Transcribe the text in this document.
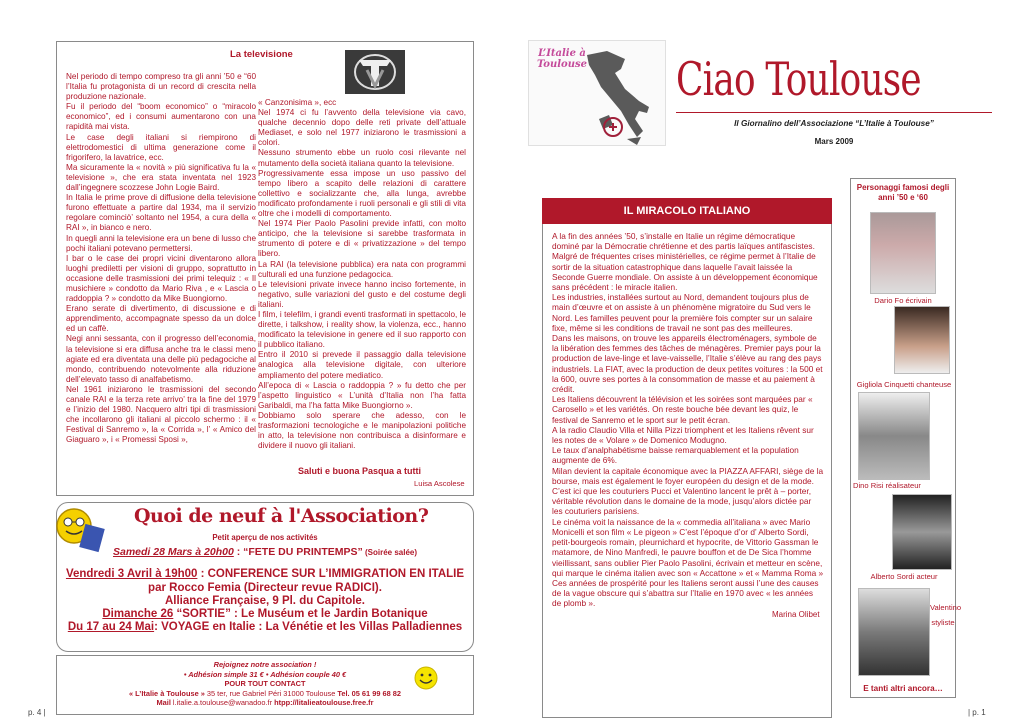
La televisione

Nel periodo di tempo compreso tra gli anni ’50 e “60 l’Italia fu protagonista di un record di crescita nella produzione nazionale.

Fu il periodo del “boom economico” o “miracolo economico”, ed i consumi aumentarono con una rapidità mai vista.

Le case degli italiani si riempirono di elettrodomestici di ultima generazione come il frigorifero, la lavatrice, ecc.

Ma sicuramente la « novità » più significativa fu la « televisione », che era stata inventata nel 1923 dall’ingegnere scozzese John Logie Baird.

In Italia le prime prove di diffusione della televisione furono effettuate a partire dal 1934, ma il servizio regolare cominciò’ soltanto nel 1954, a cura della « RAI », in bianco e nero.

In quegli anni la televisione era un bene di lusso che pochi italiani potevano permettersi.

I bar o le case dei propri vicini diventarono allora luoghi prediletti per visioni di gruppo, soprattutto in occasione delle trasmissioni dei primi telequiz : « Il musichiere » condotto da Mario Riva , e « Lascia o raddoppia ? » condotto da Mike Buongiorno.

Erano serate di divertimento, di discussione e di apprendimento, accompagnate spesso da un dolce ed un caffè.

Negi anni sessanta, con il progresso dell’economia, la televisione si era diffusa anche tra le classi meno agiate ed era diventata una delle più pedagociche al mondo, contribuendo notevolmente alla riduzione dell’elevato tasso di analfabetismo.

Nel 1961 iniziarono le trasmissioni del secondo canale RAI e la terza rete arrivo’ tra la fine del 1979 e l’inizio del 1980. Nacquero altri tipi di trasmissioni che incollarono gli italiani al piccolo schermo : il « Festival di Sanremo », la « Corrida », l’ « Amico del Giaguaro », i « Promessi Sposi »,

« Canzonisima », ecc

Nel 1974 ci fu l’avvento della televisione via cavo, qualche decennio dopo delle reti private dell’attuale Mediaset, e solo nel 1977 iniziarono le trasmissioni a colori.

Nessuno strumento ebbe un ruolo cosi rilevante nel mutamento della società italiana quanto la televisione.

Progressivamente essa impose un uso passivo del tempo libero a scapito delle relazioni di carattere collettivo e socializzante che, alla lunga, avrebbe modificato profondamente i ruoli personali e gli stili di vita oltre che i modelli di comportamento.

Nel 1974 Pier Paolo Pasolini previde infatti, con molto anticipo, che la televisione si sarebbe trasformata in strumento di potere e di « privatizzazione » del tempo libero.

La RAI (la televisione pubblica) era nata con programmi culturali ed una funzione pedagocica.

Le televisioni private invece hanno inciso fortemente, in negativo, sulle variazioni del gusto e del costume degli italiani.

I film, i telefilm, i grandi eventi trasformati in spettacolo, le dirette, i talkshow, i reality show, la violenza, ecc., hanno modificato la televisione in genere ed il suo rapporto con il pubblico italiano.

Entro il 2010 si prevede il passaggio dalla televisione analogica alla televisione digitale, con ulteriore ampliamento del potere mediatico.

All’epoca di « Lascia o raddoppia ? » fu detto che per l’aspetto linguistico « L’unità d’Italia non l’ha fatta Garibaldi, ma l’ha fatta Mike Buongiorno ».

Dobbiamo solo sperare che adesso, con le trasformazioni tecnologiche e le manipolazioni politiche in atto, la televisione non contribuisca a disinformare e dividere il nuovo gli italiani.

Saluti e buona Pasqua a tutti
Luisa Ascolese
Quoi de neuf à l'Association?
Petit aperçu de nos activités
Samedi 28 Mars à 20h00 : “FETE DU PRINTEMPS” (Soirée salée)
Vendredi 3 Avril à 19h00 : CONFERENCE SUR L’IMMIGRATION EN ITALIE
par Rocco Femia (Directeur revue RADICI).
Alliance Française, 9 Pl. du Capitole.
Dimanche 26 “SORTIE” : Le Muséum et le Jardin Botanique
Du 17 au 24 Mai: VOYAGE en Italie : La Vénétie et les Villas Palladiennes
Rejoignez notre association !
• Adhésion simple 31 € • Adhésion couple 40 €
POUR TOUT CONTACT
« L’Italie à Toulouse » 35 ter, rue Gabriel Péri 31000 Toulouse Tel. 05 61 99 68 82
Mail l.italie.a.toulouse@wanadoo.fr htpp://litalieatoulouse.free.fr
p. 4 |
L’Italie à Toulouse Ciao Toulouse
Il Giornalino dell’Associazione “L’Italie à Toulouse”
Mars 2009
IL MIRACOLO ITALIANO

A la fin des années ’50, s’installe en Italie un régime démocratique dominé par la Démocratie chrétienne et des partis laïques antifascistes. Malgré de fréquentes crises ministérielles, ce régime permet à l’Italie de sortir de la situation catastrophique dans laquelle l’avait laissée la Seconde Guerre mondiale. On assiste à un développement économique sans précédent : le miracle italien.

Les industries, installées surtout au Nord, demandent toujours plus de main d’œuvre et on assiste à un phénomène migratoire du Sud vers le Nord. Les familles peuvent pour la première fois compter sur un salaire fixe, même si les conditions de travail ne sont pas des meilleures.

Dans les maisons, on trouve les appareils électroménagers, symbole de la libération des femmes des tâches de ménagères. Premier pays pour la production de lave-linge et lave-vaisselle, l’Italie s’élève au rang des pays industriels. La FIAT, avec la production de deux petites voitures : la 500 et la 600, ouvre ses portes à la consommation de masse et au paiement à crédit.

Les Italiens découvrent la télévision et les soirées sont marquées par « Carosello » et les variétés. On reste bouche bée devant les quiz, le festival de Sanremo et le sport sur le petit écran.

A la radio Claudio Villa et Nilla Pizzi triomphent et les Italiens rêvent sur les notes de « Volare » de Domenico Modugno.

Le taux d’analphabétisme baisse remarquablement et la population augmente de 6%.

Milan devient la capitale économique avec la PIAZZA AFFARI, siège de la bourse, mais est également le foyer européen du design et de la mode. C’est ici que les couturiers Pucci et Valentino lancent le prêt à – porter, véritable révolution dans le domaine de la mode, jusqu’alors dictée par les couturiers parisiens.

Le cinéma voit la naissance de la « commedia all’italiana » avec Mario Monicelli et son film « Le pigeon » C’est l’époque d’or d’ Alberto Sordi, petit-bourgeois romain, pleurnichard et hypocrite, de Vittorio Gassman le matamore, de Nino Manfredi, le pauvre bouffon et de De Sica l’homme vieillissant, sans oublier Pier Paolo Pasolini, écrivain et metteur en scène, qui marque le cinéma italien avec son « Accattone » et « Mamma Roma »

Ces années de prospérité pour les Italiens seront aussi l’une des causes de la vague obscure qui s’abattra sur l’Italie en 1970 avec « les années de plomb ».

Marina Olibet
Personaggi famosi degli anni ’50 e ‘60
Dario Fo écrivain
Gigliola Cinquetti chanteuse
Dino Risi réalisateur
Alberto Sordi acteur
Valentino stylistе
E tanti altri ancora…
| p. 1
